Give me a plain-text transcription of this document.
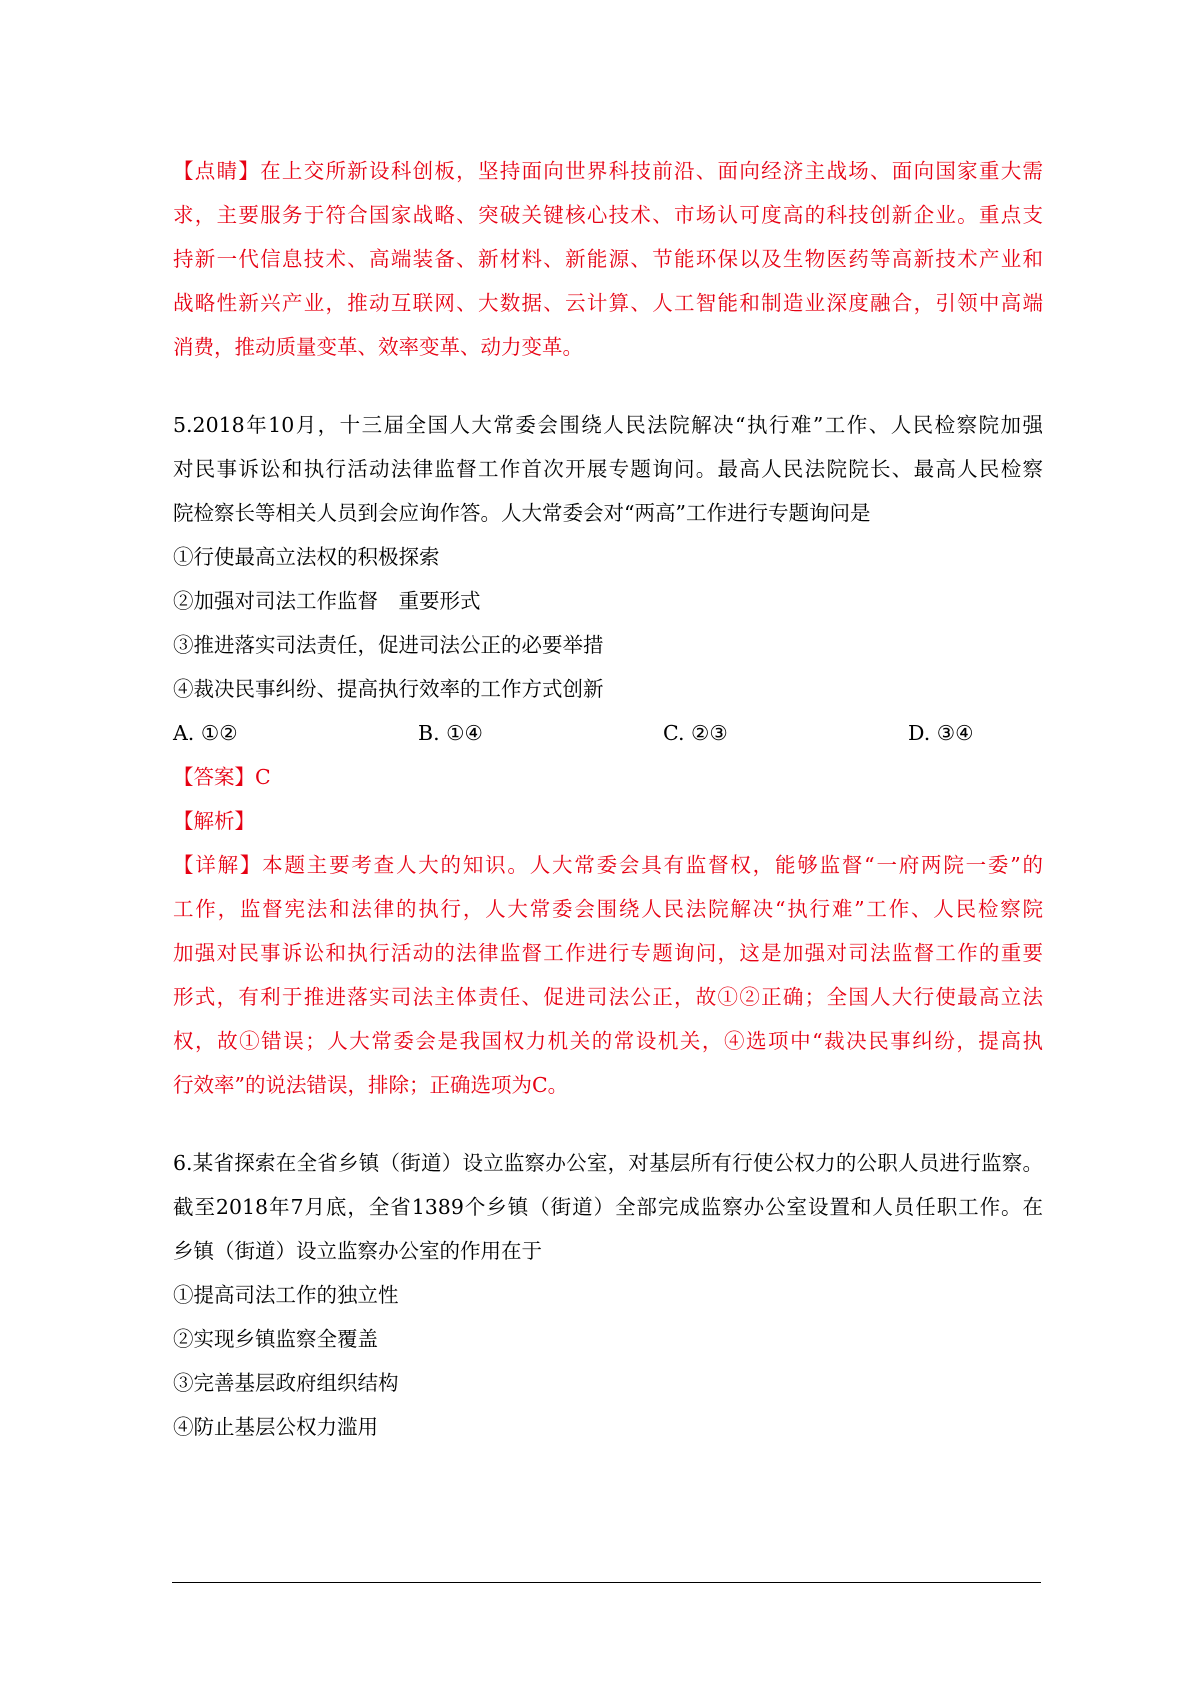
【点睛】在上交所新设科创板，坚持面向世界科技前沿、面向经济主战场、面向国家重大需
求，主要服务于符合国家战略、突破关键核心技术、市场认可度高的科技创新企业。重点支
持新一代信息技术、高端装备、新材料、新能源、节能环保以及生物医药等高新技术产业和
战略性新兴产业，推动互联网、大数据、云计算、人工智能和制造业深度融合，引领中高端
消费，推动质量变革、效率变革、动力变革。
5.2018年10月，十三届全国人大常委会围绕人民法院解决“执行难”工作、人民检察院加强
对民事诉讼和执行活动法律监督工作首次开展专题询问。最高人民法院院长、最高人民检察
院检察长等相关人员到会应询作答。人大常委会对“两高”工作进行专题询问是
①行使最高立法权的积极探索
②加强对司法工作监督　重要形式
③推进落实司法责任，促进司法公正的必要举措
④裁决民事纠纷、提高执行效率的工作方式创新
A. ①②	B. ①④	C. ②③	D. ③④
【答案】C
【解析】
【详解】本题主要考查人大的知识。人大常委会具有监督权，能够监督“一府两院一委”的
工作，监督宪法和法律的执行，人大常委会围绕人民法院解决“执行难”工作、人民检察院
加强对民事诉讼和执行活动的法律监督工作进行专题询问，这是加强对司法监督工作的重要
形式，有利于推进落实司法主体责任、促进司法公正，故①②正确；全国人大行使最高立法
权，故①错误；人大常委会是我国权力机关的常设机关，④选项中“裁决民事纠纷，提高执
行效率”的说法错误，排除；正确选项为C。
6.某省探索在全省乡镇（街道）设立监察办公室，对基层所有行使公权力的公职人员进行监察。
截至2018年7月底，全省1389个乡镇（街道）全部完成监察办公室设置和人员任职工作。在
乡镇（街道）设立监察办公室的作用在于
①提高司法工作的独立性
②实现乡镇监察全覆盖
③完善基层政府组织结构
④防止基层公权力滥用
